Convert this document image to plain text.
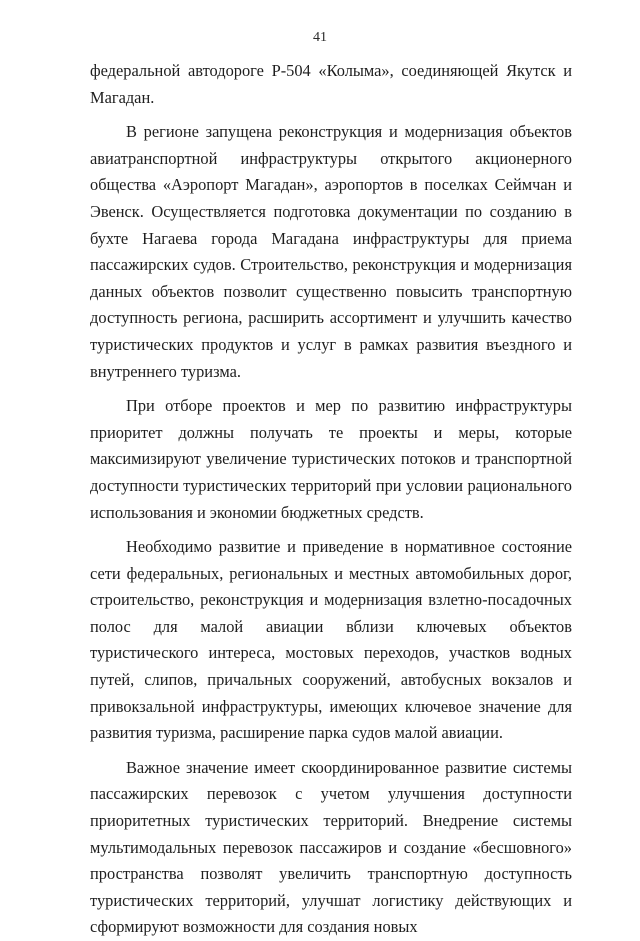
41

федеральной автодороге Р-504 «Колыма», соединяющей Якутск и Магадан.

В регионе запущена реконструкция и модернизация объектов авиатранспортной инфраструктуры открытого акционерного общества «Аэропорт Магадан», аэропортов в поселках Сеймчан и Эвенск. Осуществляется подготовка документации по созданию в бухте Нагаева города Магадана инфраструктуры для приема пассажирских судов. Строительство, реконструкция и модернизация данных объектов позволит существенно повысить транспортную доступность региона, расширить ассортимент и улучшить качество туристических продуктов и услуг в рамках развития въездного и внутреннего туризма.

При отборе проектов и мер по развитию инфраструктуры приоритет должны получать те проекты и меры, которые максимизируют увеличение туристических потоков и транспортной доступности туристических территорий при условии рационального использования и экономии бюджетных средств.

Необходимо развитие и приведение в нормативное состояние сети федеральных, региональных и местных автомобильных дорог, строительство, реконструкция и модернизация взлетно-посадочных полос для малой авиации вблизи ключевых объектов туристического интереса, мостовых переходов, участков водных путей, слипов, причальных сооружений, автобусных вокзалов и привокзальной инфраструктуры, имеющих ключевое значение для развития туризма, расширение парка судов малой авиации.

Важное значение имеет скоординированное развитие системы пассажирских перевозок с учетом улучшения доступности приоритетных туристических территорий. Внедрение системы мультимодальных перевозок пассажиров и создание «бесшовного» пространства позволят увеличить транспортную доступность туристических территорий, улучшат логистику действующих и сформируют возможности для создания новых
